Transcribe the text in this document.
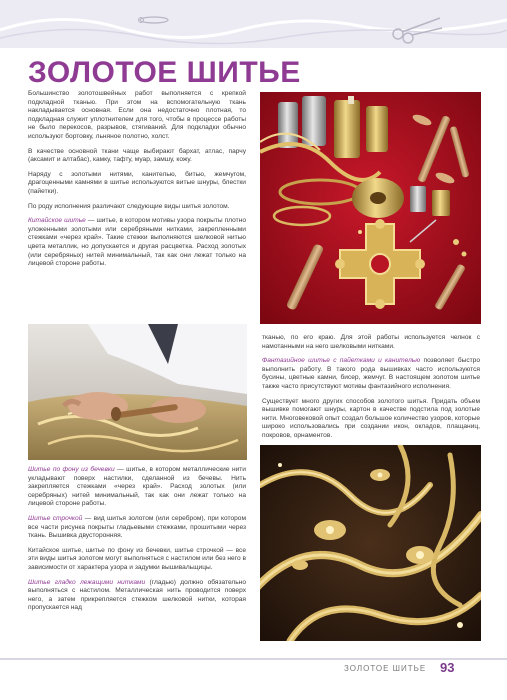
ЗОЛОТОЕ ШИТЬЕ

Большинство золотошвейных работ выполняется с крепкой подкладной тканью. При этом на вспомогательную ткань накладывается основная. Если она недостаточно плотная, то подкладная служит уплотнителем для того, чтобы в процессе работы не было перекосов, разрывов, стягиваний. Для подкладки обычно используют бортовку, льняное полотно, холст.

В качестве основной ткани чаще выбирают бархат, атлас, парчу (аксамит и алтабас), камку, тафту, муар, замшу, кожу.

Наряду с золотыми нитями, канителью, битью, жемчугом, драгоценными камнями в шитье используются витые шнуры, блестки (пайетки).

По роду исполнения различают следующие виды шитья золотом.

Китайское шитье — шитье, в котором мотивы узора покрыты плотно уложенными золотыми или серебряными нитками, закрепленными стежками «через край». Такие стежки выполняются шелковой нитью цвета металлик, но допускается и другая расцветка. Расход золотых (или серебряных) нитей минимальный, так как они лежат только на лицевой стороне работы.

Шитье по фону из бечевки — шитье, в котором металлические нити укладывают поверх настилки, сделанной из бечевы. Нить закрепляется стежками «через край». Расход золотых (или серебряных) нитей минимальный, так как они лежат только на лицевой стороне работы.

Шитье строчкой — вид шитья золотом (или серебром), при котором все части рисунка покрыты гладьевыми стежками, прошитыми через ткань. Вышивка двусторонняя.

Китайское шитье, шитье по фону из бечевки, шитье строчкой — все эти виды шитья золотом могут выполняться с настилом или без него в зависимости от характера узора и задумки вышивальщицы.

Шитье гладко лежащими нитками (гладью) должно обязательно выполняться с настилом. Металлическая нить проводится поверх него, а затем прикрепляется стежком шелковой нитки, которая пропускается над

тканью, по его краю. Для этой работы используется челнок с намотанными на него шелковыми нитками.

Фантазийное шитье с пайетками и канителью позволяет быстро выполнить работу. В такого рода вышивках часто используются бусины, цветные камни, бисер, жемчуг. В настоящем золотом шитье также часто присутствуют мотивы фантазийного исполнения.

Существует много других способов золотого шитья. Придать объем вышивке помогают шнуры, картон в качестве подстила под золотые нити. Многовековой опыт создал большое количество узоров, которые широко использовались при создании икон, окладов, плащаниц, покровов, орнаментов.

ЗОЛОТОЕ ШИТЬЕ 93
